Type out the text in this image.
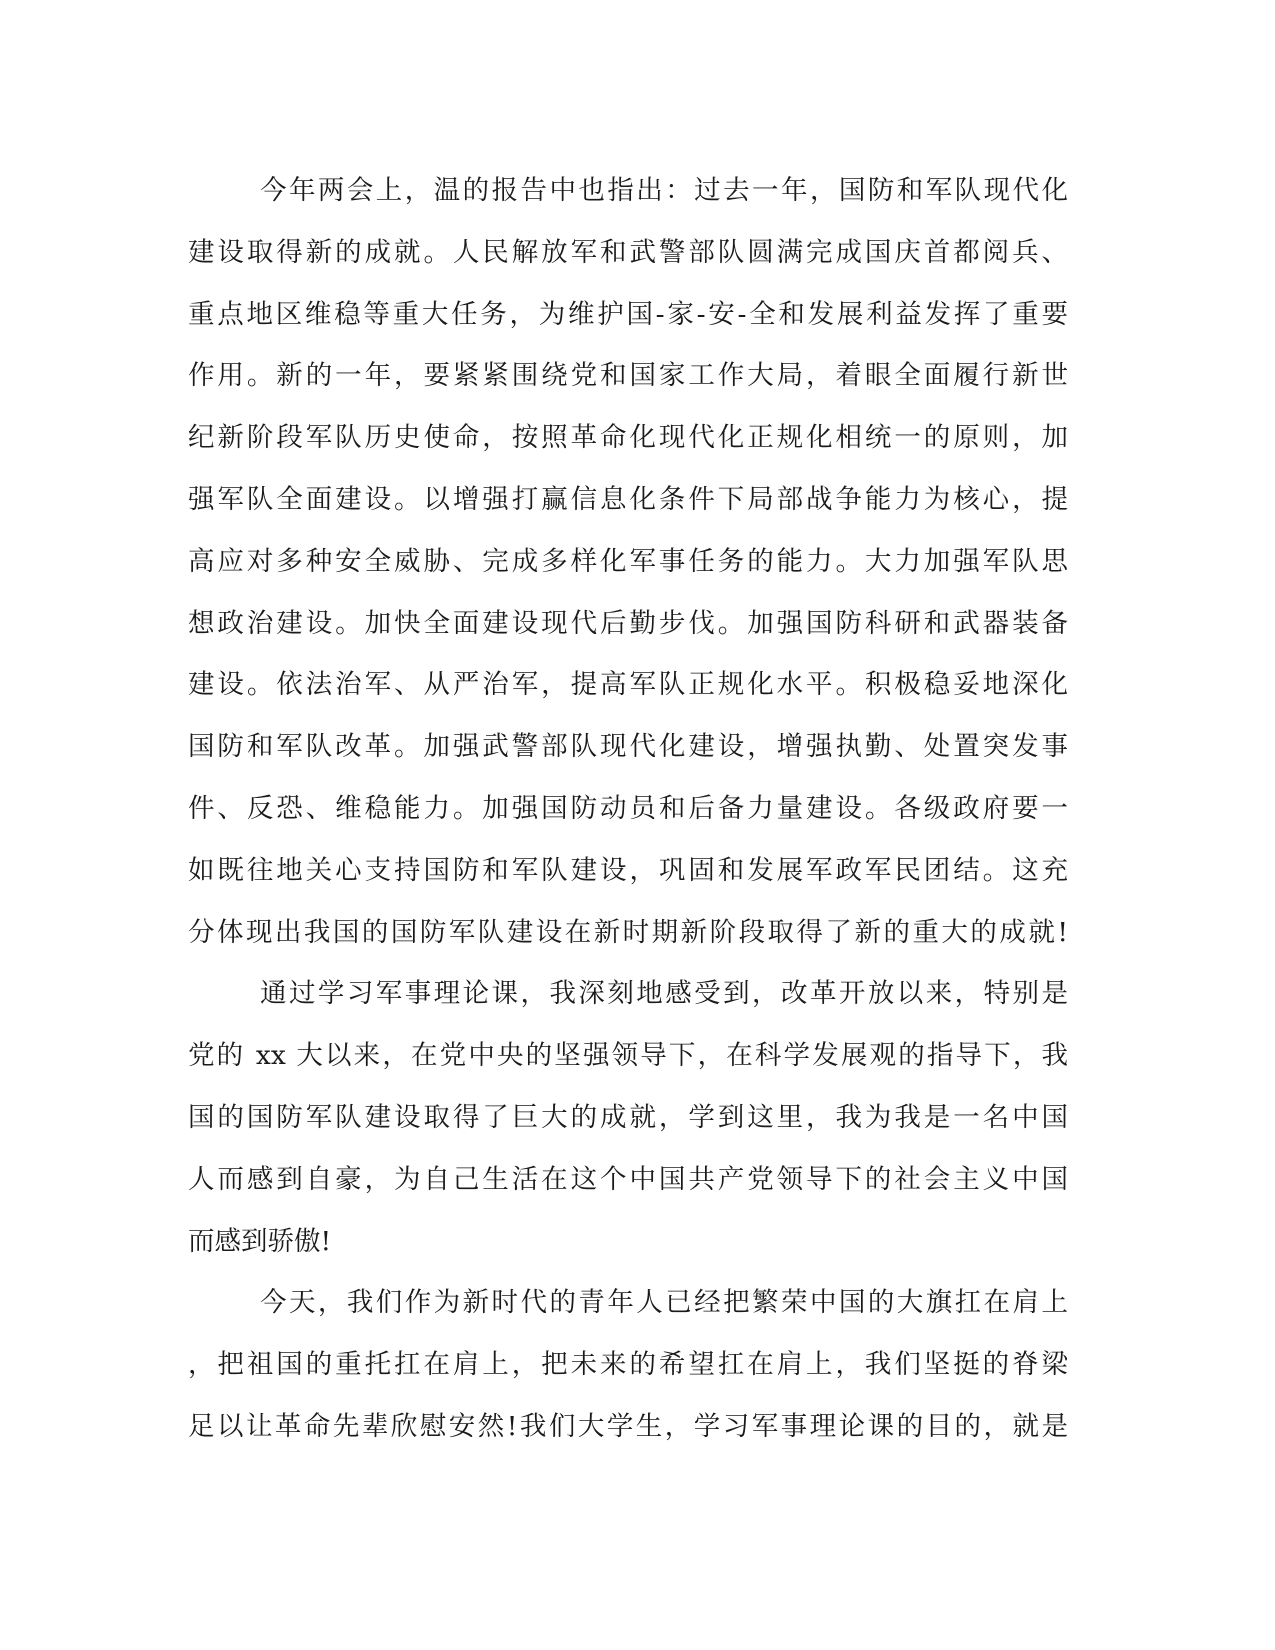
今年两会上，温的报告中也指出：过去一年，国防和军队现代化
建设取得新的成就。人民解放军和武警部队圆满完成国庆首都阅兵、
重点地区维稳等重大任务，为维护国-家-安-全和发展利益发挥了重要
作用。新的一年，要紧紧围绕党和国家工作大局，着眼全面履行新世
纪新阶段军队历史使命，按照革命化现代化正规化相统一的原则，加
强军队全面建设。以增强打赢信息化条件下局部战争能力为核心，提
高应对多种安全威胁、完成多样化军事任务的能力。大力加强军队思
想政治建设。加快全面建设现代后勤步伐。加强国防科研和武器装备
建设。依法治军、从严治军，提高军队正规化水平。积极稳妥地深化
国防和军队改革。加强武警部队现代化建设，增强执勤、处置突发事
件、反恐、维稳能力。加强国防动员和后备力量建设。各级政府要一
如既往地关心支持国防和军队建设，巩固和发展军政军民团结。这充
分体现出我国的国防军队建设在新时期新阶段取得了新的重大的成就!
通过学习军事理论课，我深刻地感受到，改革开放以来，特别是
党的 xx 大以来，在党中央的坚强领导下，在科学发展观的指导下，我
国的国防军队建设取得了巨大的成就，学到这里，我为我是一名中国
人而感到自豪，为自己生活在这个中国共产党领导下的社会主义中国
而感到骄傲!
今天，我们作为新时代的青年人已经把繁荣中国的大旗扛在肩上
，把祖国的重托扛在肩上，把未来的希望扛在肩上，我们坚挺的脊梁
足以让革命先辈欣慰安然!我们大学生，学习军事理论课的目的，就是
